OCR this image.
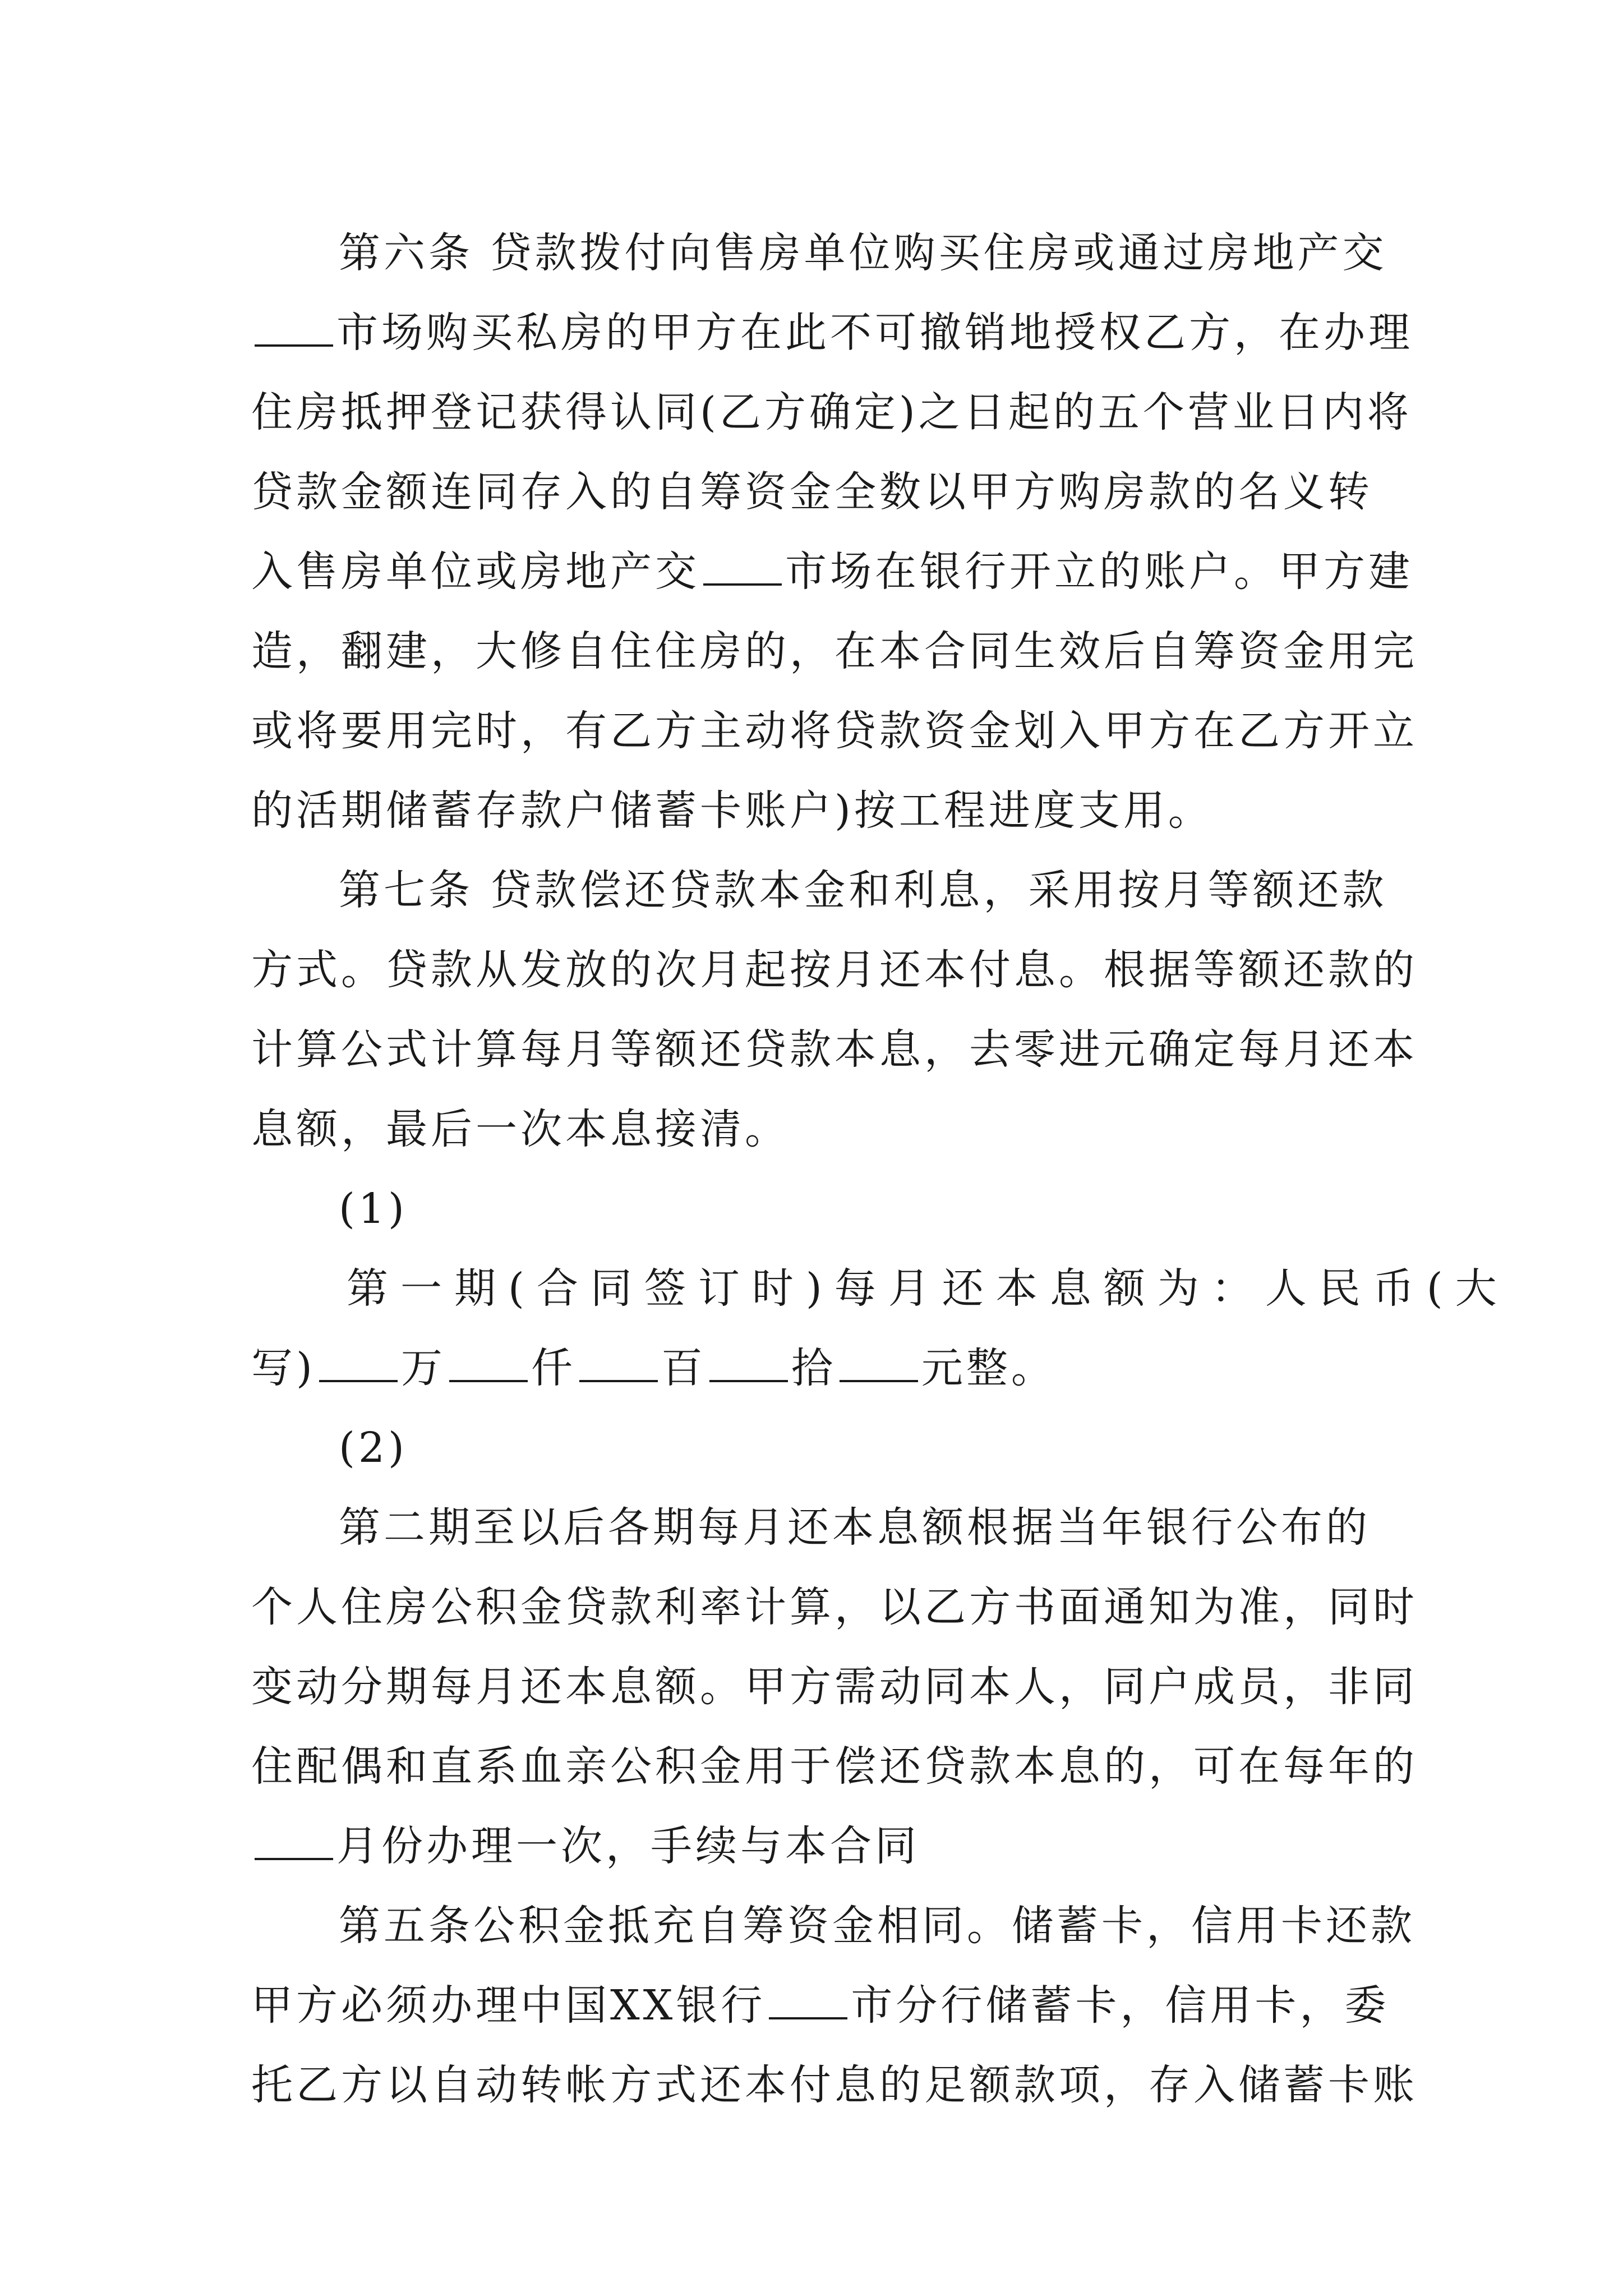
第六条 贷款拨付向售房单位购买住房或通过房地产交
市场购买私房的甲方在此不可撤销地授权乙方，在办理
住房抵押登记获得认同(乙方确定)之日起的五个营业日内将
贷款金额连同存入的自筹资金全数以甲方购房款的名义转
入售房单位或房地产交 市场在银行开立的账户。甲方建
造，翻建，大修自住住房的，在本合同生效后自筹资金用完
或将要用完时，有乙方主动将贷款资金划入甲方在乙方开立
的活期储蓄存款户储蓄卡账户)按工程进度支用。
第七条 贷款偿还贷款本金和利息，采用按月等额还款
方式。贷款从发放的次月起按月还本付息。根据等额还款的
计算公式计算每月等额还贷款本息，去零进元确定每月还本
息额，最后一次本息接清。
(1)
第一期(合同签订时)每月还本息额为：人民币(大
写) 万 仟 百 拾 元整。
(2)
第二期至以后各期每月还本息额根据当年银行公布的
个人住房公积金贷款利率计算，以乙方书面通知为准，同时
变动分期每月还本息额。甲方需动同本人，同户成员，非同
住配偶和直系血亲公积金用于偿还贷款本息的，可在每年的
月份办理一次，手续与本合同
第五条公积金抵充自筹资金相同。储蓄卡，信用卡还款
甲方必须办理中国XX银行 市分行储蓄卡，信用卡，委
托乙方以自动转帐方式还本付息的足额款项，存入储蓄卡账
